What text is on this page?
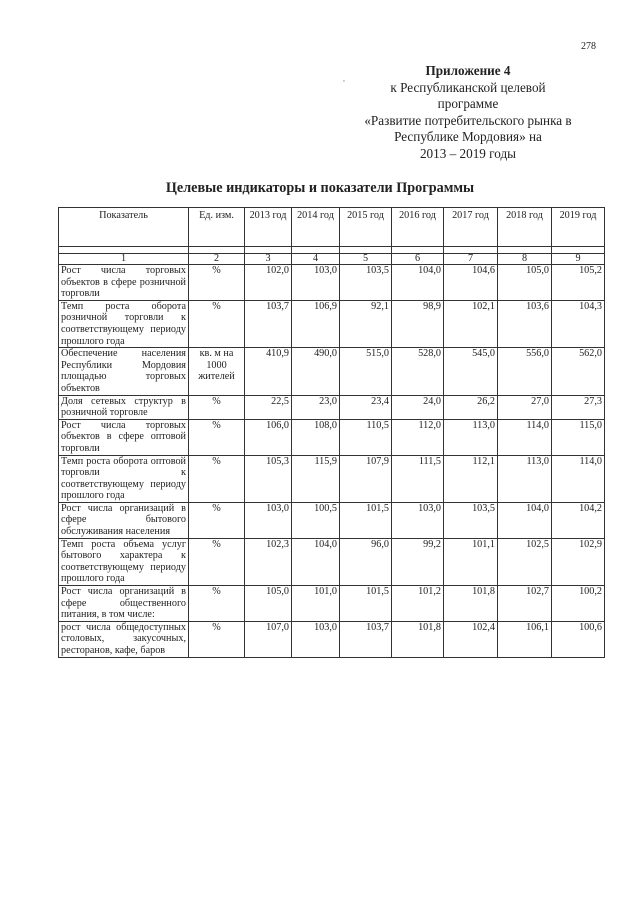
278
,
Приложение 4
к Республиканской целевой
программе
«Развитие потребительского рынка в
Республике Мордовия» на
2013 – 2019 годы
Целевые индикаторы и показатели Программы
Показатель	Ед. изм.	2013 год	2014 год	2015 год	2016 год	2017 год	2018 год	2019 год

1	2	3	4	5	6	7	8	9
Рост числа торговых объектов в сфере розничной торговли	%	102,0	103,0	103,5	104,0	104,6	105,0	105,2
Темп роста оборота розничной торговли к соответствующему периоду прошлого года	%	103,7	106,9	92,1	98,9	102,1	103,6	104,3
Обеспечение населения Республики Мордовия площадью торговых объектов	кв. м на 1000 жителей	410,9	490,0	515,0	528,0	545,0	556,0	562,0
Доля сетевых структур в розничной торговле	%	22,5	23,0	23,4	24,0	26,2	27,0	27,3
Рост числа торговых объектов в сфере оптовой торговли	%	106,0	108,0	110,5	112,0	113,0	114,0	115,0
Темп роста оборота оптовой торговли к соответствующему периоду прошлого года	%	105,3	115,9	107,9	111,5	112,1	113,0	114,0
Рост числа организаций в сфере бытового обслуживания населения	%	103,0	100,5	101,5	103,0	103,5	104,0	104,2
Темп роста объема услуг бытового характера к соответствующему периоду прошлого года	%	102,3	104,0	96,0	99,2	101,1	102,5	102,9
Рост числа организаций в сфере общественного питания, в том числе:	%	105,0	101,0	101,5	101,2	101,8	102,7	100,2
рост числа общедоступных столовых, закусочных, ресторанов, кафе, баров	%	107,0	103,0	103,7	101,8	102,4	106,1	100,6
